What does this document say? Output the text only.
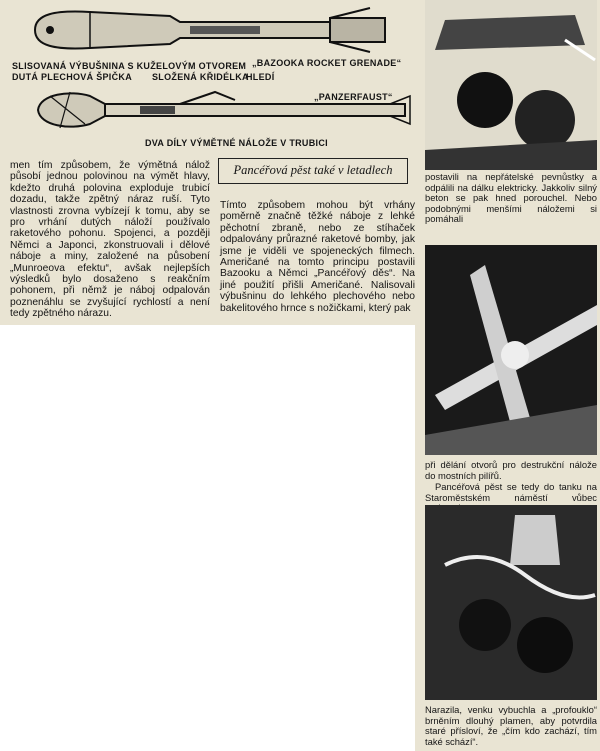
„BAZOOKA ROCKET GRENADE“
SLISOVANÁ VÝBUŠNINA S KUŽELOVÝM OTVOREM
DUTÁ PLECHOVÁ ŠPIČKA SLOŽENÁ KŘIDÉLKA
HLEDÍ
„PANZERFAUST“
DVA DÍLY VÝMĚTNÉ NÁLOŽE V TRUBICI
men tím způsobem, že výmětná nálož působí jednou polovinou na výmět hlavy, kdežto druhá polovina exploduje trubicí dozadu, takže zpětný náraz ruší. Tyto vlastnosti zrovna vybízejí k tomu, aby se pro vrhání dutých náloží používalo raketového pohonu. Spojenci, a později Němci a Japonci, zkonstruovali i dělové náboje a miny, založené na působení „Munroeova efektu“, avšak nejlepších výsledků bylo dosaženo s reakčním pohonem, při němž je náboj odpalován poznenáhlu se zvyšující rychlostí a není tedy zpětného nárazu.
Pancéřová pěst také v letadlech
Tímto způsobem mohou být vrhány poměrně značně těžké náboje z lehké pěchotní zbraně, nebo ze stíhaček odpalovány průrazné raketové bomby, jak jsme je viděli ve spojeneckých filmech. Američané na tomto principu postavili Bazooku a Němci „Pancéřový děs“. Na jiné použití přišli Američané. Nalisovali výbušninu do lehkého plechového nebo bakelitového hrnce s nožičkami, který pak
postavili na nepřátelské pevnůstky a odpálili na dálku elektricky. Jakkoliv silný beton se pak hned porouchel. Nebo podobnými menšími náložemi si pomáhali
při dělání otvorů pro destrukční nálože do mostních pilířů.
Pancéřová pěst se tedy do tanku na Staroměstském náměstí vůbec
Narazila, venku vybuchla a „profouklo“ brněním dlouhý plamen, aby potvrdila staré přísloví, že „čím kdo zachází, tím také schází“.
